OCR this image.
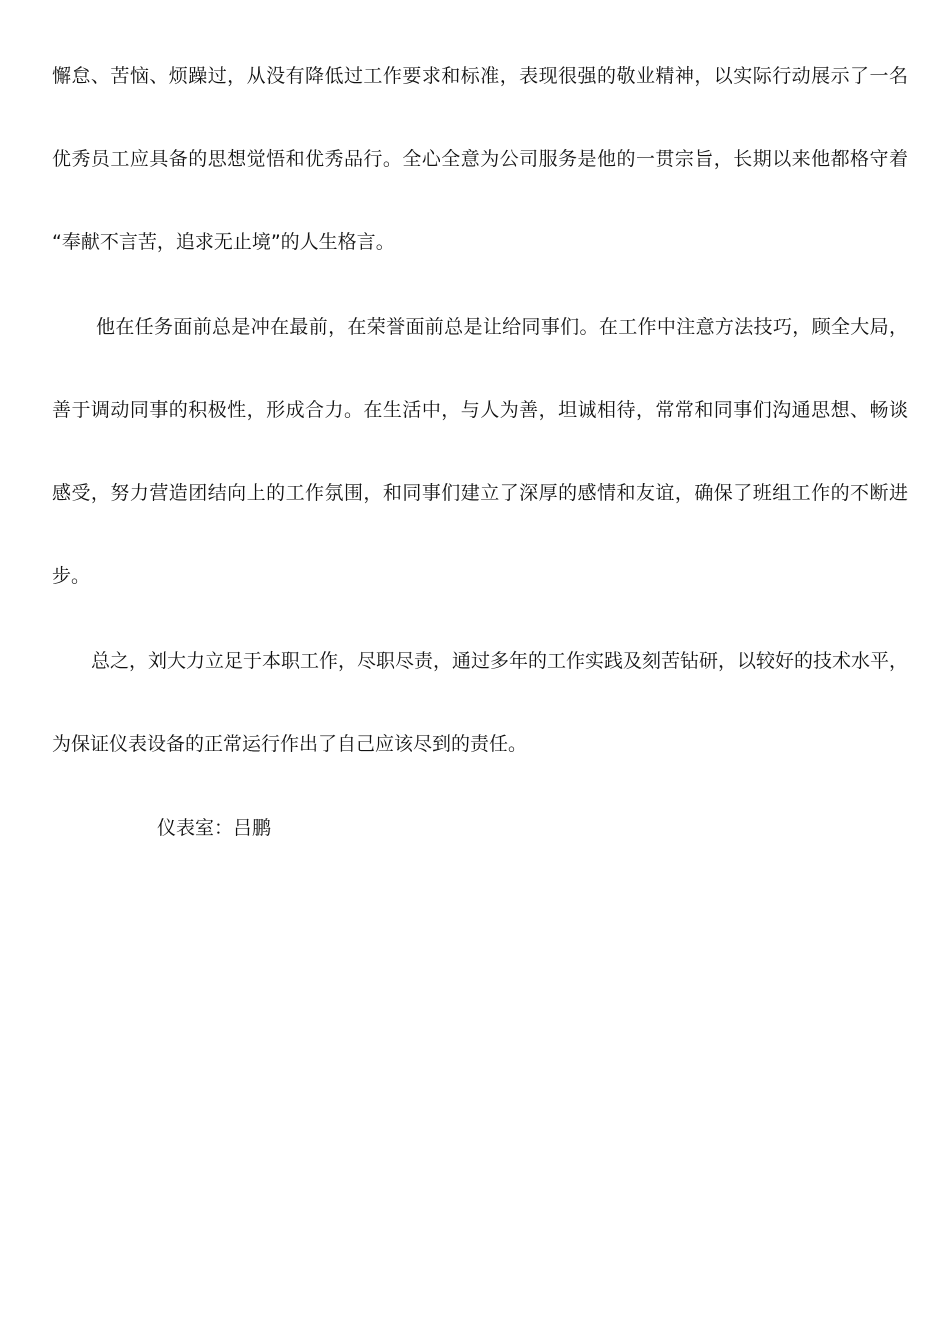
懈怠、苦恼、烦躁过，从没有降低过工作要求和标准，表现很强的敬业精神，以实际行动展示了一名
优秀员工应具备的思想觉悟和优秀品行。全心全意为公司服务是他的一贯宗旨，长期以来他都格守着
“奉献不言苦，追求无止境”的人生格言。
他在任务面前总是冲在最前，在荣誉面前总是让给同事们。在工作中注意方法技巧，顾全大局，
善于调动同事的积极性，形成合力。在生活中，与人为善，坦诚相待，常常和同事们沟通思想、畅谈
感受，努力营造团结向上的工作氛围，和同事们建立了深厚的感情和友谊，确保了班组工作的不断进
步。
总之，刘大力立足于本职工作，尽职尽责，通过多年的工作实践及刻苦钻研，以较好的技术水平，
为保证仪表设备的正常运行作出了自己应该尽到的责任。
仪表室：吕鹏
